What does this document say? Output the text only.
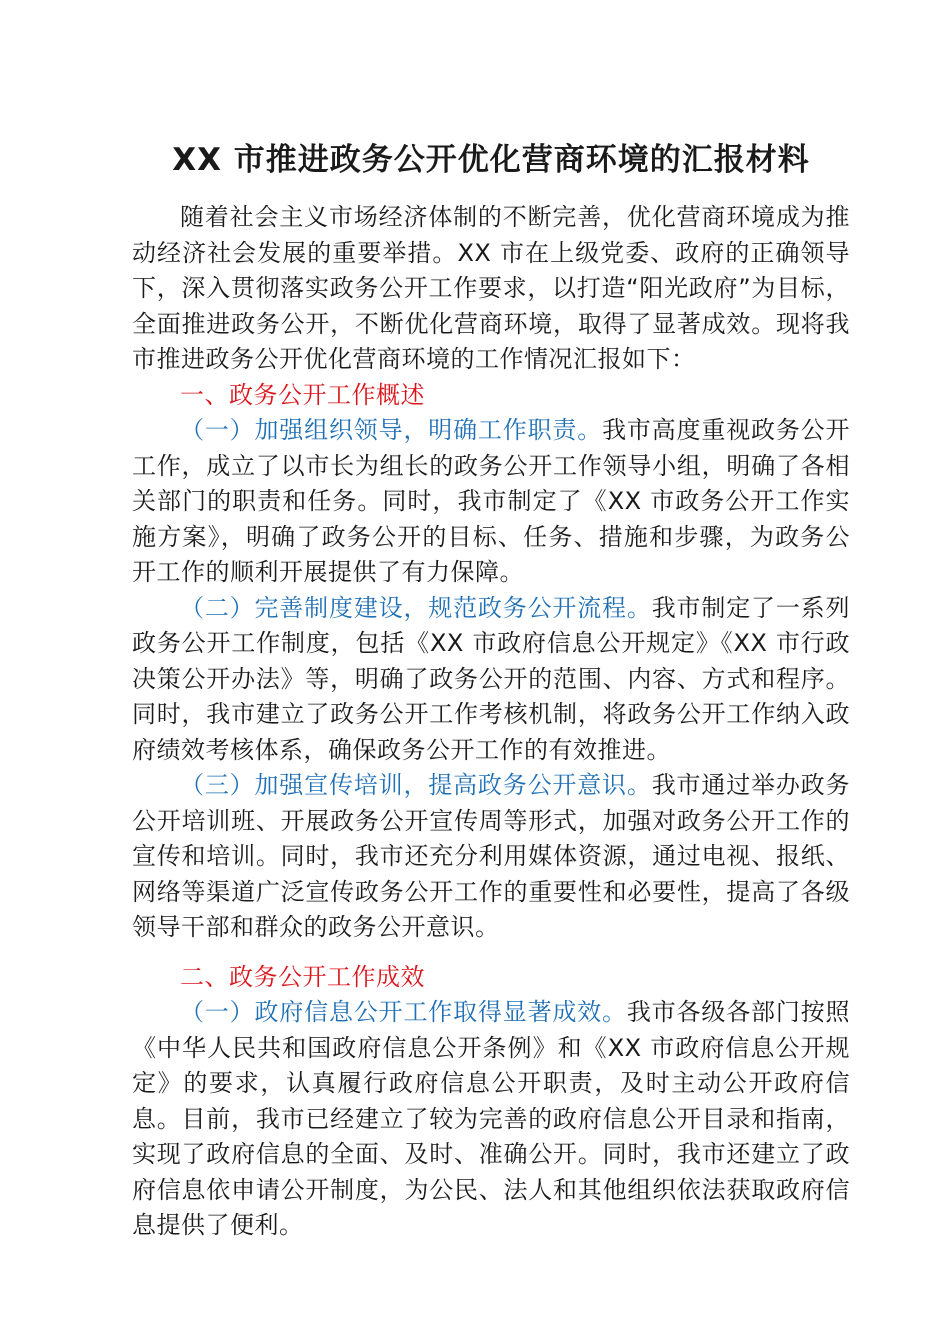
XX 市推进政务公开优化营商环境的汇报材料

随着社会主义市场经济体制的不断完善，优化营商环境成为推动经济社会发展的重要举措。XX 市在上级党委、政府的正确领导下，深入贯彻落实政务公开工作要求，以打造“阳光政府”为目标，全面推进政务公开，不断优化营商环境，取得了显著成效。现将我市推进政务公开优化营商环境的工作情况汇报如下：

一、政务公开工作概述

（一）加强组织领导，明确工作职责。我市高度重视政务公开工作，成立了以市长为组长的政务公开工作领导小组，明确了各相关部门的职责和任务。同时，我市制定了《XX 市政务公开工作实施方案》，明确了政务公开的目标、任务、措施和步骤，为政务公开工作的顺利开展提供了有力保障。

（二）完善制度建设，规范政务公开流程。我市制定了一系列政务公开工作制度，包括《XX 市政府信息公开规定》《XX 市行政决策公开办法》等，明确了政务公开的范围、内容、方式和程序。同时，我市建立了政务公开工作考核机制，将政务公开工作纳入政府绩效考核体系，确保政务公开工作的有效推进。

（三）加强宣传培训，提高政务公开意识。我市通过举办政务公开培训班、开展政务公开宣传周等形式，加强对政务公开工作的宣传和培训。同时，我市还充分利用媒体资源，通过电视、报纸、网络等渠道广泛宣传政务公开工作的重要性和必要性，提高了各级领导干部和群众的政务公开意识。

二、政务公开工作成效

（一）政府信息公开工作取得显著成效。我市各级各部门按照《中华人民共和国政府信息公开条例》和《XX 市政府信息公开规定》的要求，认真履行政府信息公开职责，及时主动公开政府信息。目前，我市已经建立了较为完善的政府信息公开目录和指南，实现了政府信息的全面、及时、准确公开。同时，我市还建立了政府信息依申请公开制度，为公民、法人和其他组织依法获取政府信息提供了便利。
